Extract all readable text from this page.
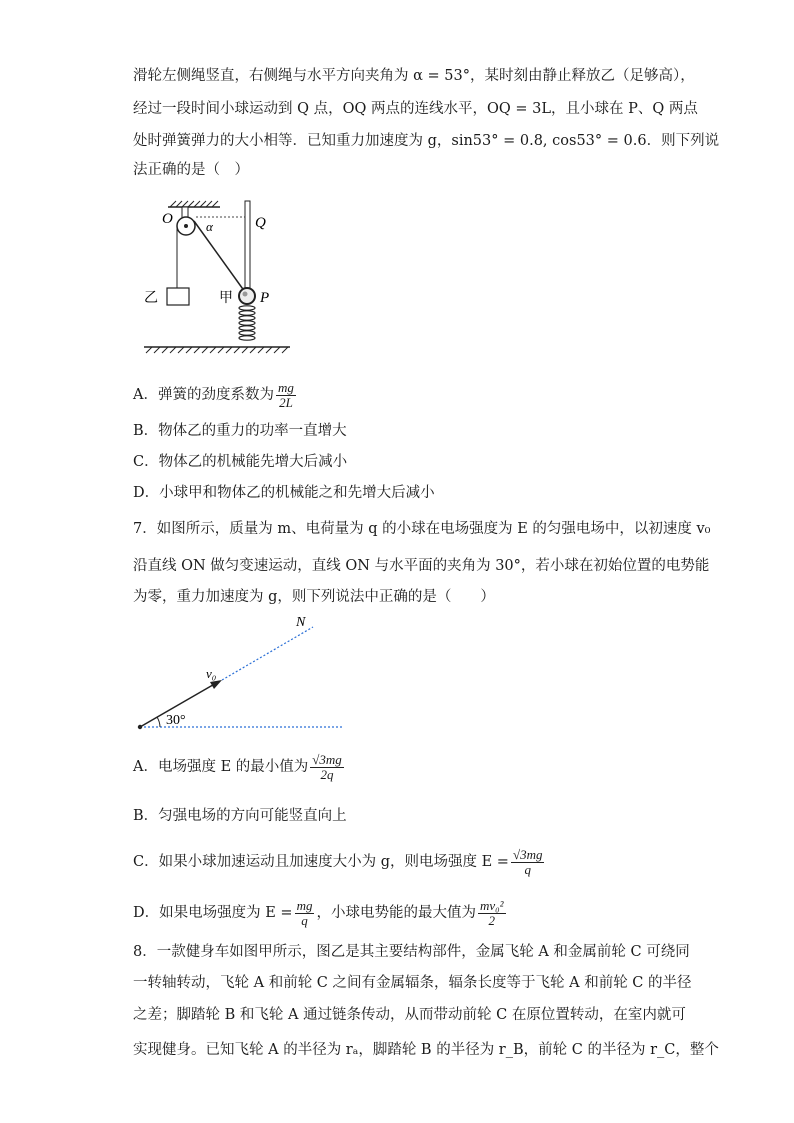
滑轮左侧绳竖直，右侧绳与水平方向夹角为 α = 53°，某时刻由静止释放乙（足够高），
经过一段时间小球运动到 Q 点，OQ 两点的连线水平，OQ = 3L，且小球在 P、Q 两点
处时弹簧弹力的大小相等．已知重力加速度为 g，sin53° = 0.8, cos53° = 0.6．则下列说
法正确的是（　）
O	α	Q
乙	甲 P
A．弹簧的劲度系数为 $\frac{mg}{2L}$
B．物体乙的重力的功率一直增大
C．物体乙的机械能先增大后减小
D．小球甲和物体乙的机械能之和先增大后减小
7．如图所示，质量为 m、电荷量为 q 的小球在电场强度为 E 的匀强电场中，以初速度 v₀
沿直线 ON 做匀变速运动，直线 ON 与水平面的夹角为 30°，若小球在初始位置的电势能
为零，重力加速度为 g，则下列说法中正确的是（　　）
N
v₀
30°
A．电场强度 E 的最小值为 $\frac{√3mg}{2q}$
B．匀强电场的方向可能竖直向上
C．如果小球加速运动且加速度大小为 g，则电场强度 $E = \frac{√3mg}{q}$
D．如果电场强度为 $E = \frac{mg}{q}$ ，小球电势能的最大值为 $\frac{\text{mv₀²}}{2}$
8．一款健身车如图甲所示，图乙是其主要结构部件，金属飞轮 A 和金属前轮 C 可绕同
一转轴转动，飞轮 A 和前轮 C 之间有金属辐条，辐条长度等于飞轮 A 和前轮 C 的半径
之差；脚踏轮 B 和飞轮 A 通过链条传动，从而带动前轮 C 在原位置转动，在室内就可
实现健身。已知飞轮 A 的半径为 rₐ，脚踏轮 B 的半径为 r_B，前轮 C 的半径为 r_C，整个
